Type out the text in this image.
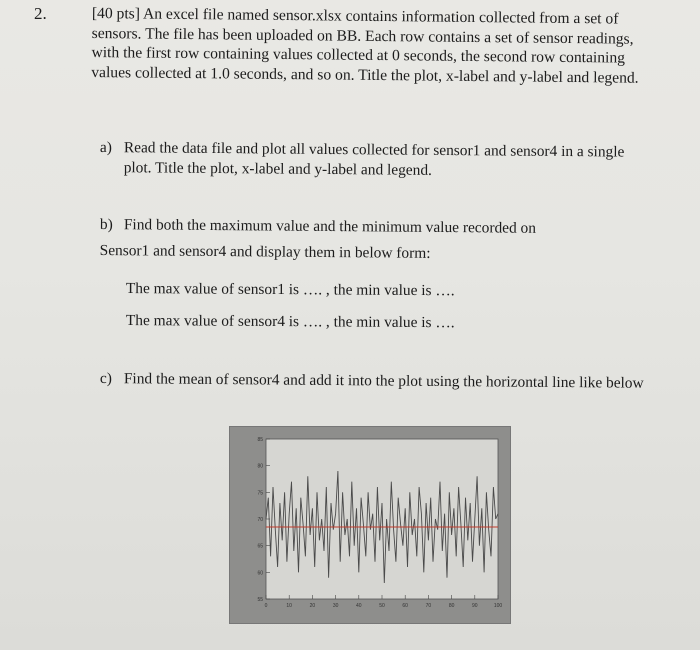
2.	[40 pts] An excel file named sensor.xlsx contains information collected from a set of
sensors. The file has been uploaded on BB. Each row contains a set of sensor readings,
with the first row containing values collected at 0 seconds, the second row containing
values collected at 1.0 seconds, and so on. Title the plot, x-label and y-label and legend.
a) Read the data file and plot all values collected for sensor1 and sensor4 in a single
plot. Title the plot, x-label and y-label and legend.
b) Find both the maximum value and the minimum value recorded on
Sensor1 and sensor4 and display them in below form:
The max value of sensor1 is …. , the min value is ….
The max value of sensor4 is …. , the min value is ….
c) Find the mean of sensor4 and add it into the plot using the horizontal line like below
55
60
65
70
75
80
85
0	10	20	30	40	50	60	70	80	90	100
